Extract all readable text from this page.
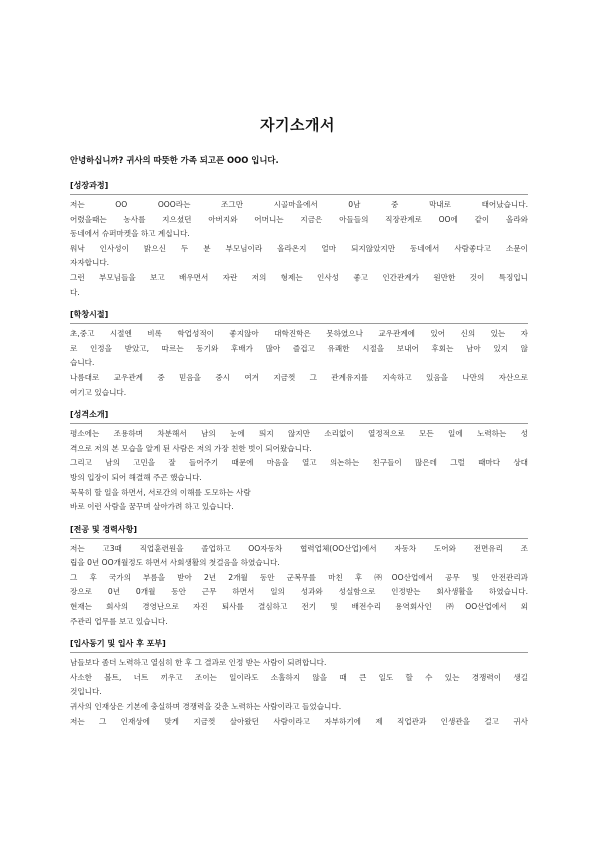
자기소개서
안녕하십니까? 귀사의 따뜻한 가족 되고픈 OOO 입니다.
[성장과정]
저는 OO OOO라는 조그만 시골마을에서 0남 중 막내로 태어났습니다.
어렸을때는 농사를 지으셨던 아버지와 어머니는 지금은 아들들의 직장관계로 OO에 같이 올라와
동네에서 슈퍼마켓을 하고 계십니다.
워낙 인사성이 밝으신 두 분 부모님이라 올라온지 얼마 되지않았지만 동네에서 사람좋다고 소문이
자자합니다.
그런 부모님들을 보고 배우면서 자란 저의 형제는 인사성 좋고 인간관계가 원만한 것이 특징입니
다.
[학창시절]
초,중고 시절엔 비록 학업성적이 좋지않아 대학진학은 못하였으나 교우관계에 있어 신의 있는 자
로 인정을 받았고, 따르는 동기와 후배가 많아 즐겁고 유쾌한 시절을 보내어 후회는 남아 있지 않
습니다.
나름대로 교우관계 중 믿음을 중시 여겨 지금껏 그 관계유지를 지속하고 있음을 나만의 자산으로
여기고 있습니다.
[성격소개]
평소에는 조용하며 차분해서 남의 눈에 띄지 않지만 소리없이 열정적으로 모든 일에 노력하는 성
격으로 저의 본 모습을 알게 된 사람은 저의 가장 친한 벗이 되어왔습니다.
그리고 남의 고민을 잘 들어주기 때문에 마음을 열고 의논하는 친구들이 많은데 그럴 때마다 상대
방의 입장이 되어 해결해 주곤 했습니다.
묵묵히 할 일을 하면서, 서로간의 이해를 도모하는 사람
바로 이런 사람을 꿈꾸며 살아가려 하고 있습니다.
[전공 및 경력사항]
저는 고3때 직업훈련원을 졸업하고 OO자동차 협력업체(OO산업)에서 자동차 도어와 전면유리 조
립을 0년 OO개월정도 하면서 사회생활의 첫걸음을 하였습니다.
그 후 국가의 부름을 받아 2년 2개월 동안 군복무를 마친 후 ㈜OO산업에서 공무 및 안전관리과
장으로 0년 0개월 동안 근무 하면서 일의 성과와 성실함으로 인정받는 회사생활을 하였습니다.
현재는 회사의 경영난으로 자진 퇴사를 결심하고 전기 및 배전수리 용역회사인 ㈜OO산업에서 외
주관리 업무를 보고 있습니다.
[입사동기 및 입사 후 포부]
남들보다 좀더 노력하고 열심히 한 후 그 결과로 인정 받는 사람이 되려합니다.
사소한 볼트, 너트 끼우고 조이는 일이라도 소홀하지 않을 때 큰 일도 할 수 있는 경쟁력이 생길
것입니다.
귀사의 인재상은 기본에 충실하며 경쟁력을 갖춘 노력하는 사람이라고 들었습니다.
저는 그 인재상에 맞게 지금껏 살아왔던 사람이라고 자부하기에 제 직업관과 인생관을 걸고 귀사
